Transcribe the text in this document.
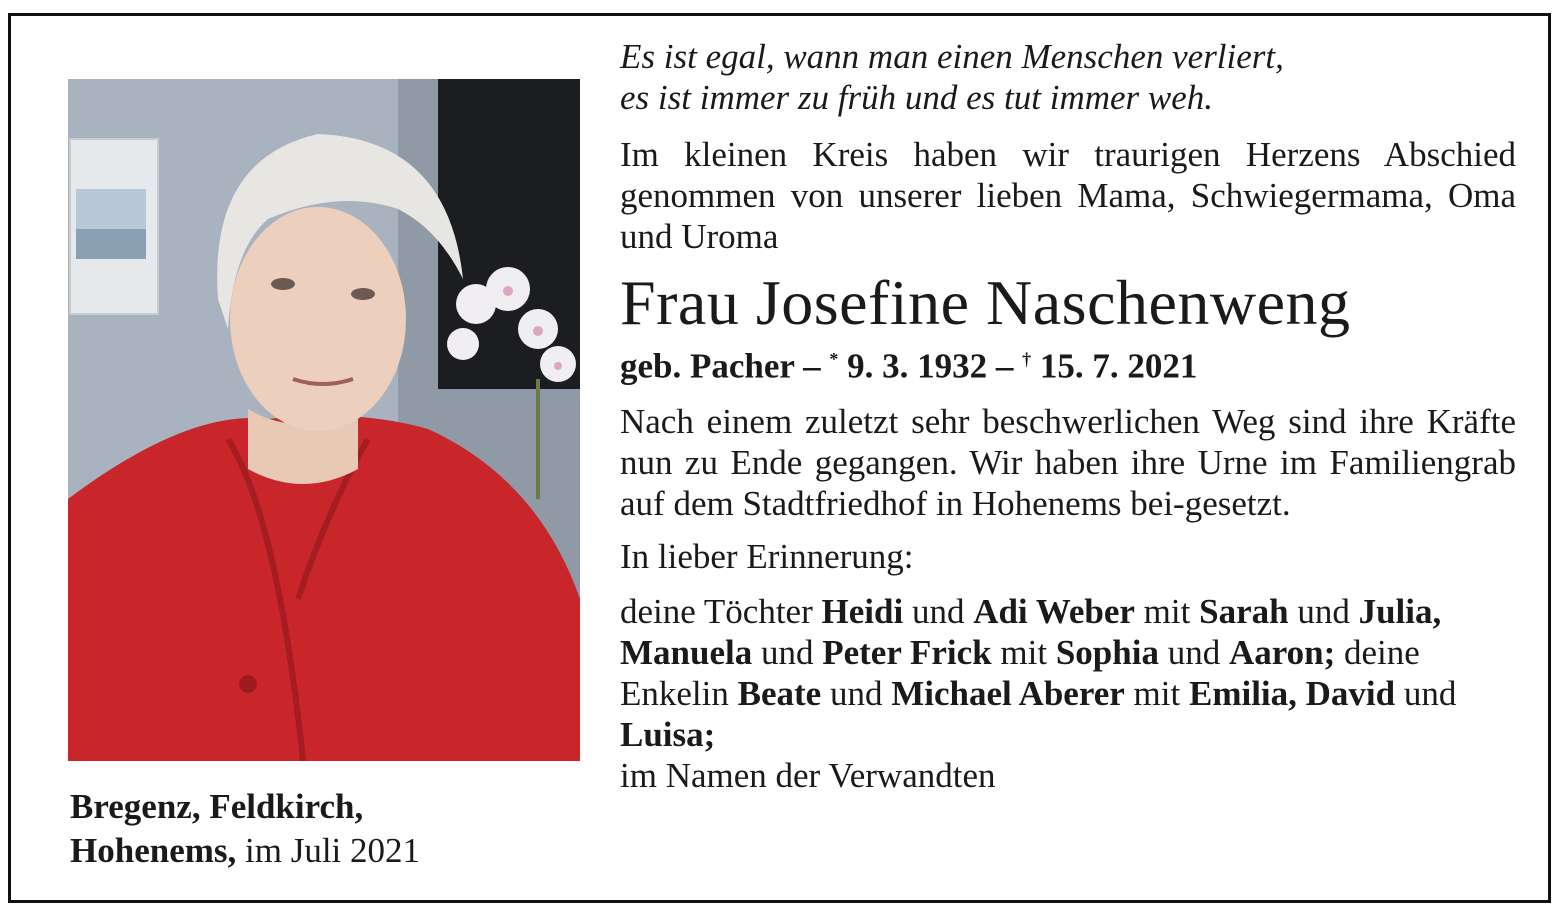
Bregenz, Feldkirch,
Hohenems, im Juli 2021

Es ist egal, wann man einen Menschen verliert,
es ist immer zu früh und es tut immer weh.

Im kleinen Kreis haben wir traurigen Herzens Abschied genommen von unserer lieben Mama, Schwiegermama, Oma und Uroma

Frau Josefine Naschenweng

geb. Pacher – * 9. 3. 1932 – † 15. 7. 2021

Nach einem zuletzt sehr beschwerlichen Weg sind ihre Kräfte nun zu Ende gegangen. Wir haben ihre Urne im Familiengrab auf dem Stadtfriedhof in Hohenems bei-gesetzt.

In lieber Erinnerung:

deine Töchter Heidi und Adi Weber mit Sarah und Julia, Manuela und Peter Frick mit Sophia und Aaron; deine Enkelin Beate und Michael Aberer mit Emilia, David und Luisa;
im Namen der Verwandten
